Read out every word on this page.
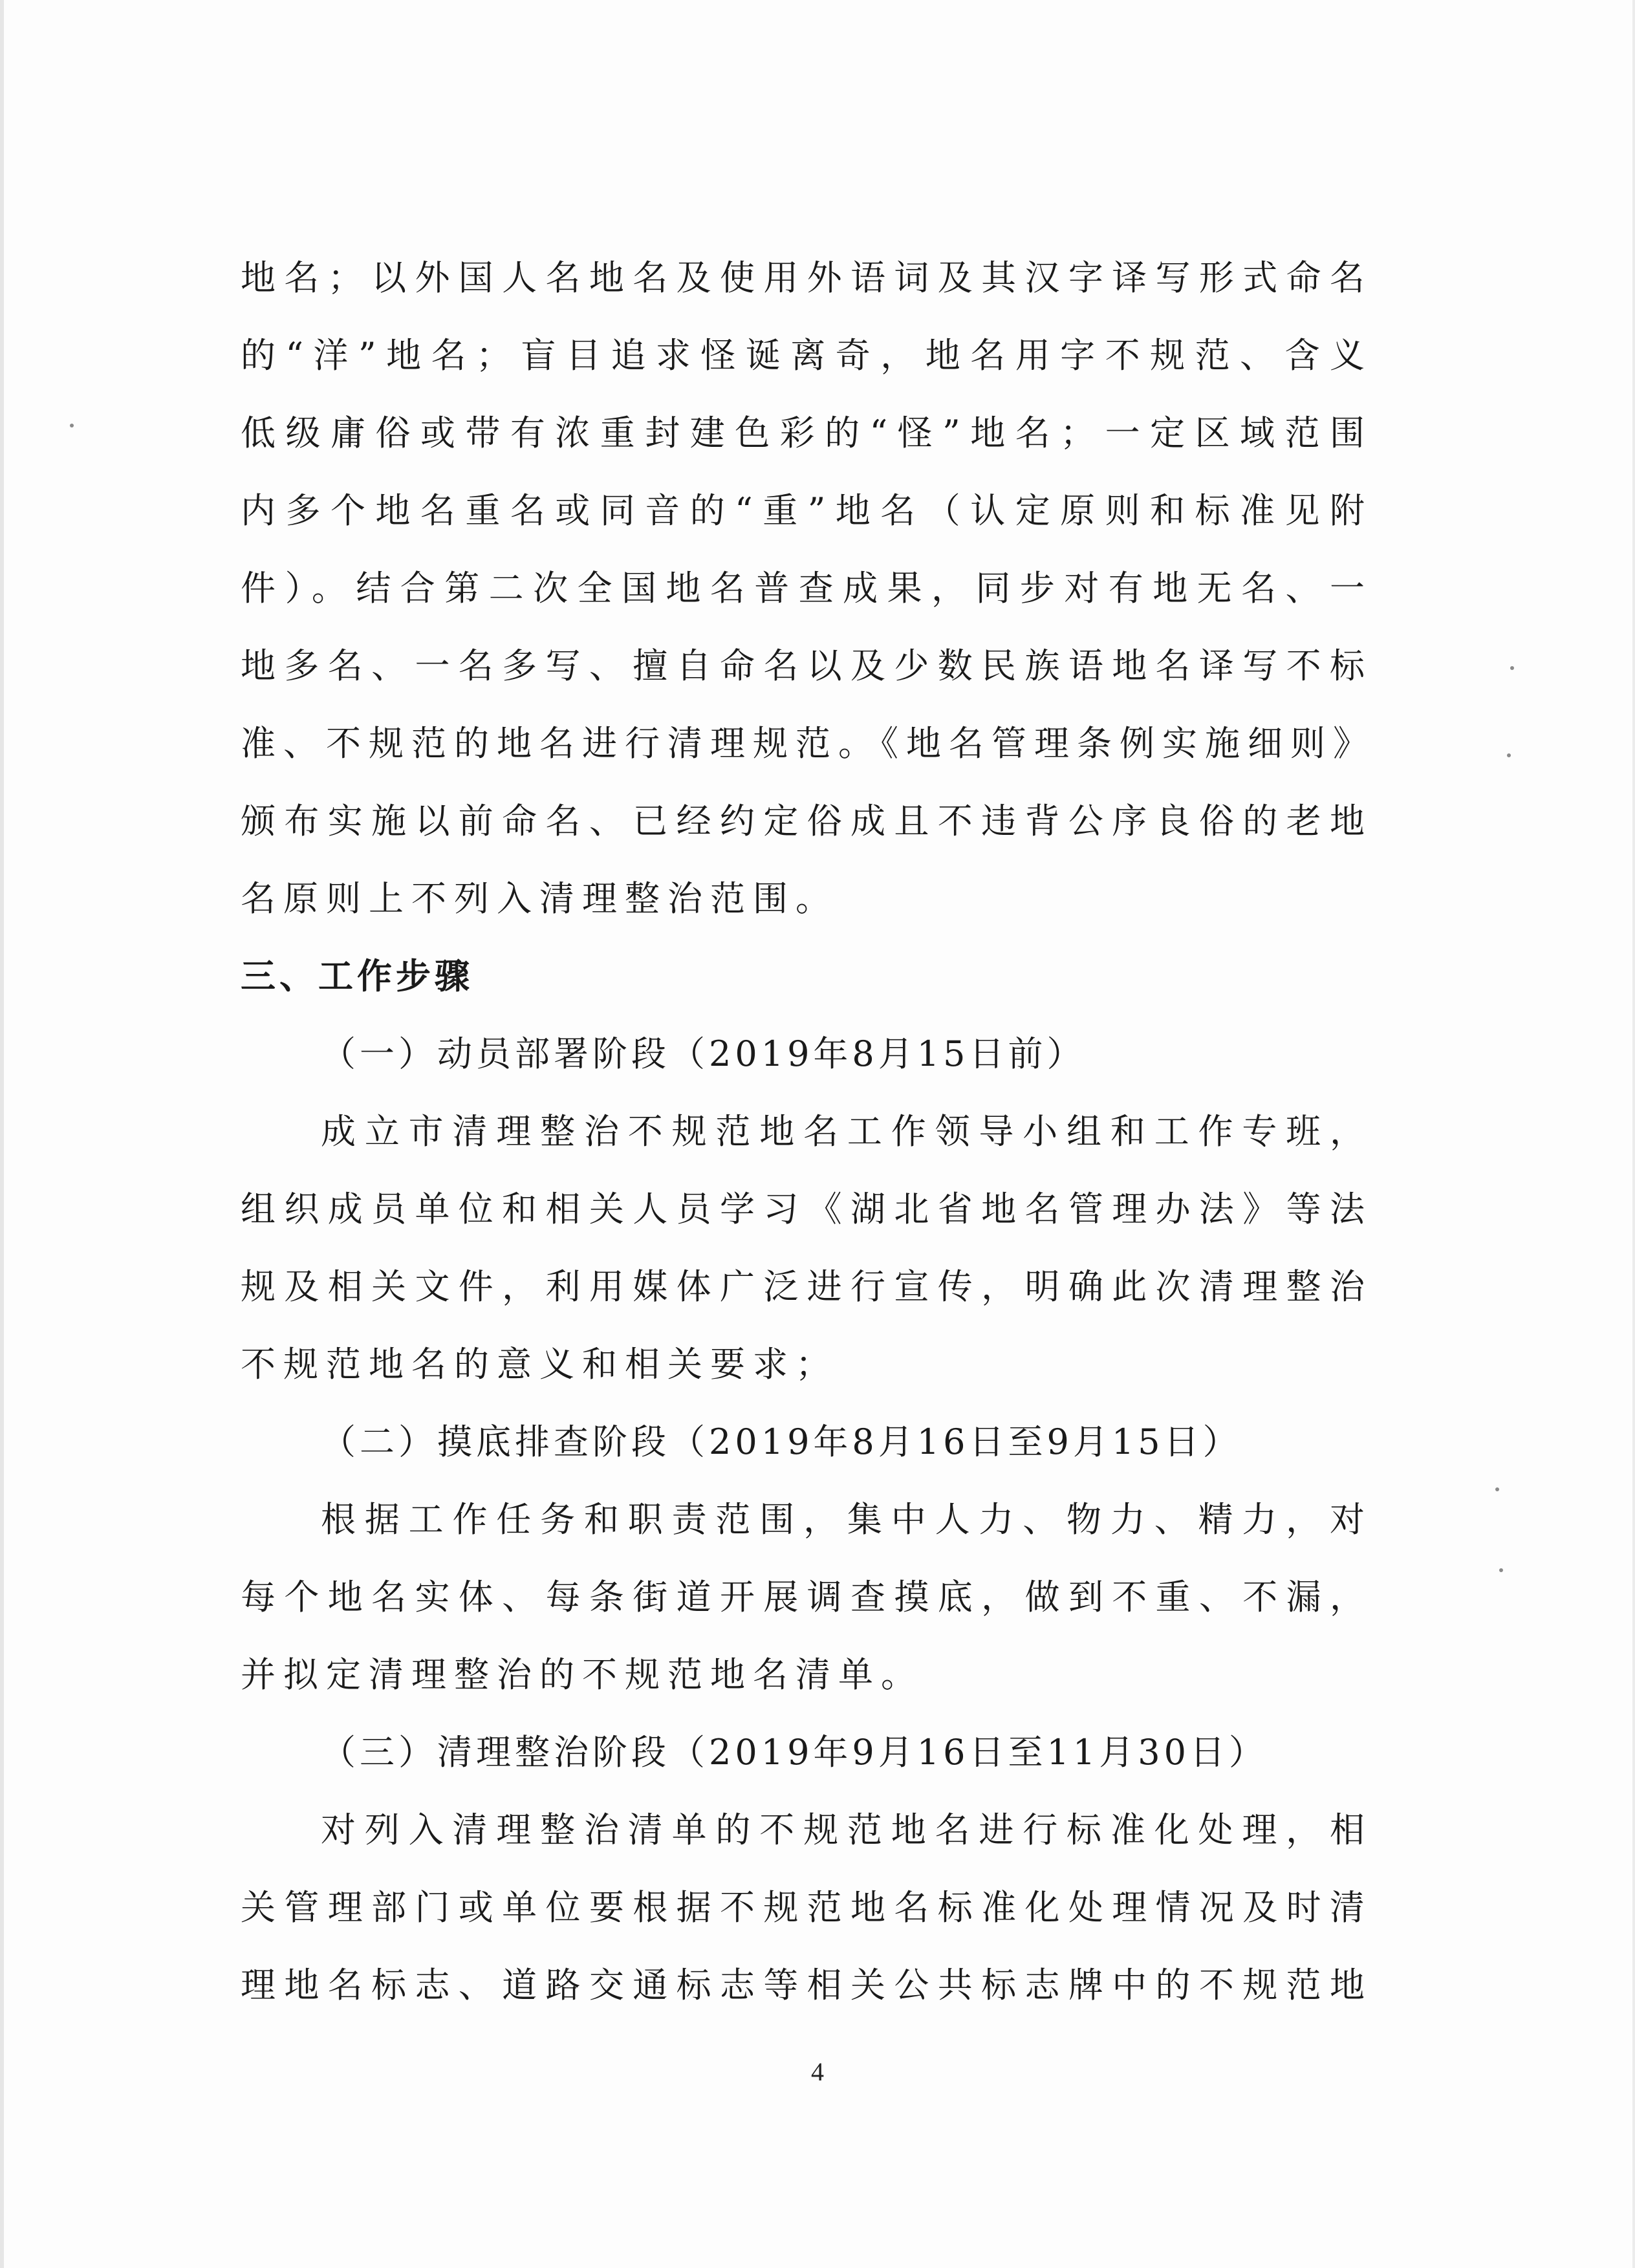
地名；以外国人名地名及使用外语词及其汉字译写形式命名
的“洋”地名；盲目追求怪诞离奇，地名用字不规范、含义
低级庸俗或带有浓重封建色彩的“怪”地名；一定区域范围
内多个地名重名或同音的“重”地名（认定原则和标准见附
件）。结合第二次全国地名普查成果，同步对有地无名、一
地多名、一名多写、擅自命名以及少数民族语地名译写不标
准、不规范的地名进行清理规范。《地名管理条例实施细则》
颁布实施以前命名、已经约定俗成且不违背公序良俗的老地
名原则上不列入清理整治范围。
三、工作步骤
（一）动员部署阶段（2019年8月15日前）
成立市清理整治不规范地名工作领导小组和工作专班，
组织成员单位和相关人员学习《湖北省地名管理办法》等法
规及相关文件，利用媒体广泛进行宣传，明确此次清理整治
不规范地名的意义和相关要求；
（二）摸底排查阶段（2019年8月16日至9月15日）
根据工作任务和职责范围，集中人力、物力、精力，对
每个地名实体、每条街道开展调查摸底，做到不重、不漏，
并拟定清理整治的不规范地名清单。
（三）清理整治阶段（2019年9月16日至11月30日）
对列入清理整治清单的不规范地名进行标准化处理，相
关管理部门或单位要根据不规范地名标准化处理情况及时清
理地名标志、道路交通标志等相关公共标志牌中的不规范地
4
